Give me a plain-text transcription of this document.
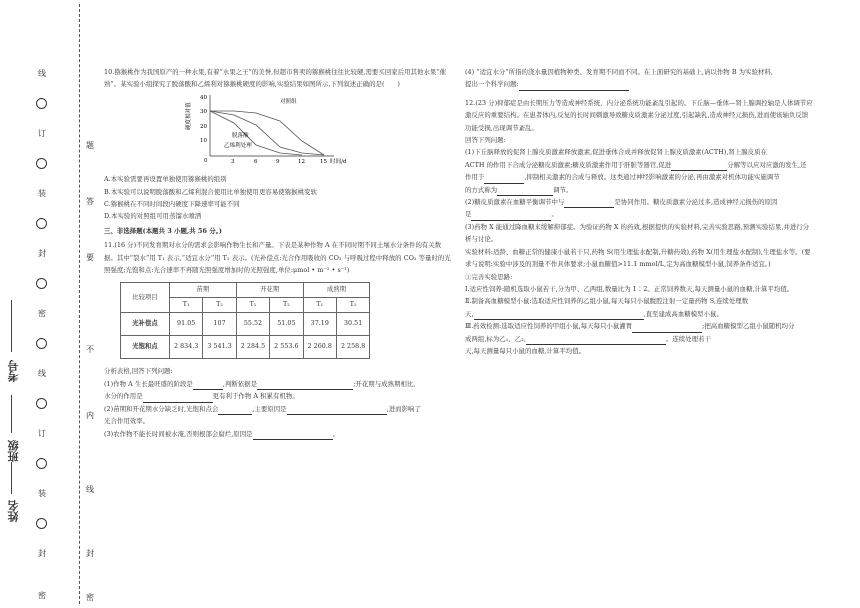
线
订
装
封
密
线
订
装
封
密
题
答
要
不
内
线
封
密
考号
班级
姓名

10.猕猴桃作为我国原产的一种水果,有着“水果之王”的美誉,但超市售卖的猕猴桃往往比较硬,需要买回家后用其他水果“催熟”。某实验小组探究了脱落酸和乙烯利对猕猴桃硬度的影响,实验结果如图所示,下列叙述正确的是(　　)

硬度相对值
40
30
20
10
0	3	6	9	12	15 时间/d
对照组
脱落酸
乙烯利处理

A.本实验需要再设置单独使用猕猴桃的组别

B.本实验可以说明脱落酸和乙烯利混合使用比单独使用更容易使猕猴桃变软

C.猕猴桃在不同时间段内硬度下降速率可能不同

D.本实验的对照组可用蒸馏水喷洒

三、非选择题(本题共 3 小题,共 56 分。)

11.(16 分)不同发育期对水分的需求会影响作物生长和产量。下表是某种作物 A 在不同时期不同土壤水分条件的有关数据。其中“裂水”用 T₁ 表示,“适宜水分”用 T₂ 表示。(光补偿点:光合作用吸收的 CO₂ 与呼吸过程中释放的 CO₂ 等量时的光照强度;光饱和点:光合速率不再随光照强度增加时的光照强度,单位:μmol • m⁻² • s⁻¹)

比较项目	苗期		开花期		成熟期	
	T₁	T₂	T₁	T₂	T₁	T₂
光补偿点	91.05	107	55.52	51.05	37.19	30.51
光饱和点	2 834.3	3 541.3	2 284.5	2 553.6	2 260.8	2 258.8

分析表格,回答下列问题:

(1)作物 A 生长最旺盛的阶段是	,判断依据是	;开花期与成熟期相比,

水分的作用是	更有利于作物 A 积累有机物。

(2)苗期和开花期水分缺乏时,光饱和点会	,主要原因是	,进而影响了

光合作用效率。

(3)农作物不能长时间被水淹,否则根部会腐烂,原因是	。

(4) “适宜水分”所指的浇水量因植物种类、发育期不同而不同。在上面研究的基础上,请以作物 B 为实验材料,

提出一个科学问题:

12.(23 分)抑郁症是由长期压力等造成神经系统、内分泌系统功能紊乱引起的。下丘脑—垂体—肾上腺调控轴是人体调节应激反应的重要结构。在患者体内,反复的长时间刺激导致糖皮质激素分泌过度,引起缺乳,造成神经元损伤,进而使该轴负反馈功能受损,出现调节紊乱。

回答下列问题:

(1)下丘脑释放的促肾上腺皮质激素释放激素,促进垂体合成并释放促肾上腺皮质激素(ACTH),肾上腺皮质在

ACTH 的作用下合成分泌糖皮质激素;糖皮质激素作用于肝脏等器官,促进	分解等以应对应激的发生,还

作用于	,抑制相关激素的合成与释放。这类通过神经影响激素的分泌,再由激素对机体功能实施调节

的方式称为	调节。

(2)糖皮质激素在血糖平衡调节中与	是协同作用。糖皮质激素分泌过多,造成神经元损伤的原因

是	。

(3)药物 X 能通过降血糖来缓解抑郁症。为验证药物 X 的药效,根据提供的实验材料,完善实验思路,预测实验结果,并进行分析与讨论。

实验材料:适龄、血糖正常的健康小鼠若干只,药物 S(用生理盐水配制,升糖药效),药物 X(用生理盐水配制),生理盐水等。(要求与说明:实验中涉及的剂量不作具体要求;小鼠血糖值>11.1 mmol/L,定为高血糖模型小鼠,饲养条件适宜。)

①完善实验思路:

Ⅰ.适应性饲养:随机选取小鼠若干,分为甲、乙两组,数量比为 1∶2。正常饲养数天,每天测量小鼠的血糖,计算平均值。

Ⅱ.制备高血糖模型小鼠:选取适应性饲养的乙组小鼠,每天每只小鼠腹腔注射一定量药物 S,连续处理数

天,	,直至建成高血糖模型小鼠。

Ⅲ.药效检测:选取适应性饲养的甲组小鼠,每天每只小鼠灌胃	;把高血糖模型乙组小鼠随机均分

成两组,标为乙₁、乙₂,	。连续处理若干

天,每天测量每只小鼠的血糖,计算平均值。
